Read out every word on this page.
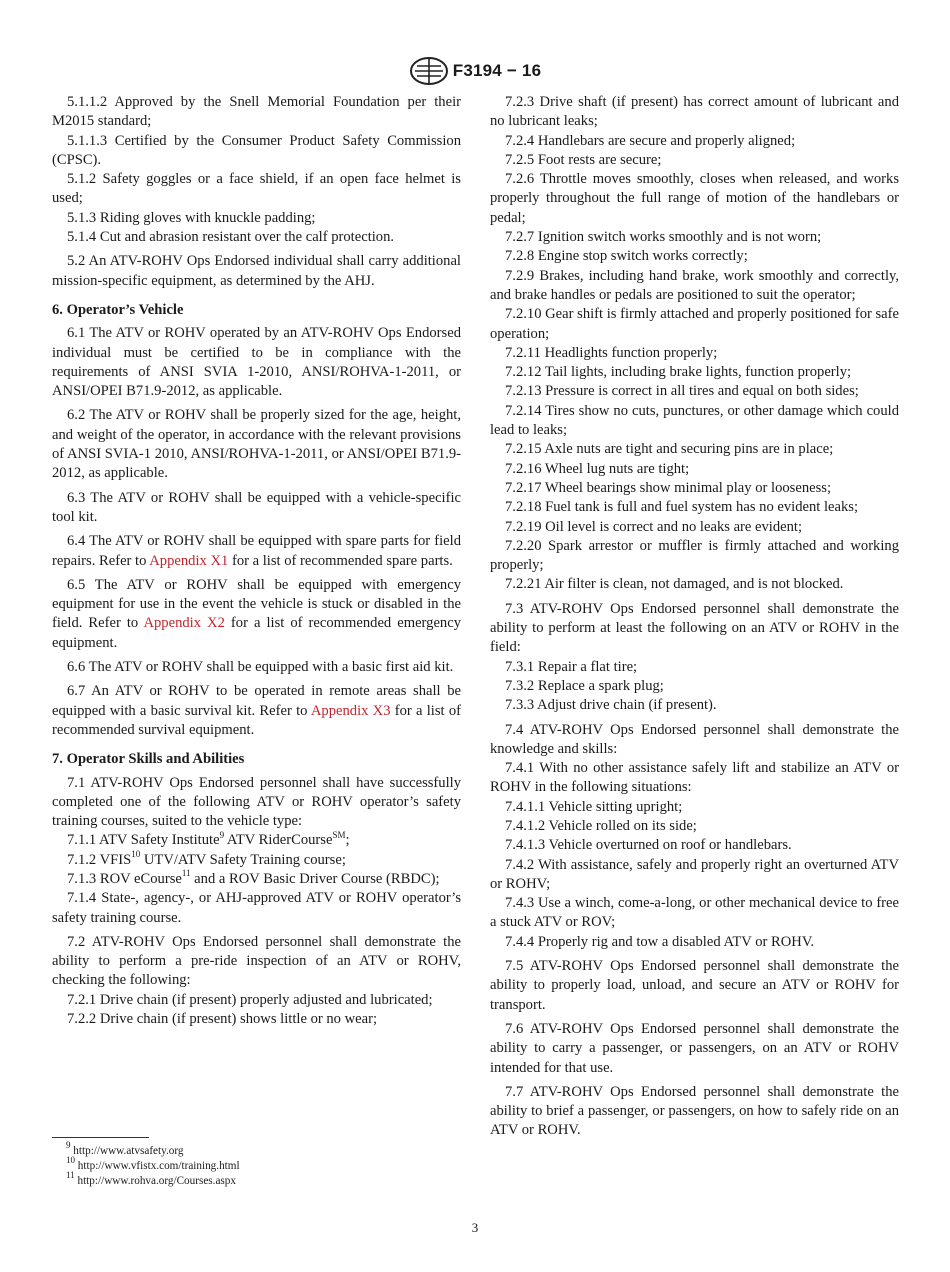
F3194 − 16

5.1.1.2 Approved by the Snell Memorial Foundation per their M2015 standard;

5.1.1.3 Certified by the Consumer Product Safety Commission (CPSC).

5.1.2 Safety goggles or a face shield, if an open face helmet is used;

5.1.3 Riding gloves with knuckle padding;

5.1.4 Cut and abrasion resistant over the calf protection.

5.2 An ATV-ROHV Ops Endorsed individual shall carry additional mission-specific equipment, as determined by the AHJ.

6. Operator’s Vehicle

6.1 The ATV or ROHV operated by an ATV-ROHV Ops Endorsed individual must be certified to be in compliance with the requirements of ANSI SVIA 1-2010, ANSI/ROHVA-1-2011, or ANSI/OPEI B71.9-2012, as applicable.

6.2 The ATV or ROHV shall be properly sized for the age, height, and weight of the operator, in accordance with the relevant provisions of ANSI SVIA-1 2010, ANSI/ROHVA-1-2011, or ANSI/OPEI B71.9-2012, as applicable.

6.3 The ATV or ROHV shall be equipped with a vehicle-specific tool kit.

6.4 The ATV or ROHV shall be equipped with spare parts for field repairs. Refer to Appendix X1 for a list of recommended spare parts.

6.5 The ATV or ROHV shall be equipped with emergency equipment for use in the event the vehicle is stuck or disabled in the field. Refer to Appendix X2 for a list of recommended emergency equipment.

6.6 The ATV or ROHV shall be equipped with a basic first aid kit.

6.7 An ATV or ROHV to be operated in remote areas shall be equipped with a basic survival kit. Refer to Appendix X3 for a list of recommended survival equipment.

7. Operator Skills and Abilities

7.1 ATV-ROHV Ops Endorsed personnel shall have successfully completed one of the following ATV or ROHV operator’s safety training courses, suited to the vehicle type:

7.1.1 ATV Safety Institute$^9$ ATV RiderCourse℠;

7.1.2 VFIS$^{10}$ UTV/ATV Safety Training course;

7.1.3 ROV eCourse$^{11}$ and a ROV Basic Driver Course (RBDC);

7.1.4 State-, agency-, or AHJ-approved ATV or ROHV operator’s safety training course.

7.2 ATV-ROHV Ops Endorsed personnel shall demonstrate the ability to perform a pre-ride inspection of an ATV or ROHV, checking the following:

7.2.1 Drive chain (if present) properly adjusted and lubricated;

7.2.2 Drive chain (if present) shows little or no wear;

7.2.3 Drive shaft (if present) has correct amount of lubricant and no lubricant leaks;

7.2.4 Handlebars are secure and properly aligned;

7.2.5 Foot rests are secure;

7.2.6 Throttle moves smoothly, closes when released, and works properly throughout the full range of motion of the handlebars or pedal;

7.2.7 Ignition switch works smoothly and is not worn;

7.2.8 Engine stop switch works correctly;

7.2.9 Brakes, including hand brake, work smoothly and correctly, and brake handles or pedals are positioned to suit the operator;

7.2.10 Gear shift is firmly attached and properly positioned for safe operation;

7.2.11 Headlights function properly;

7.2.12 Tail lights, including brake lights, function properly;

7.2.13 Pressure is correct in all tires and equal on both sides;

7.2.14 Tires show no cuts, punctures, or other damage which could lead to leaks;

7.2.15 Axle nuts are tight and securing pins are in place;

7.2.16 Wheel lug nuts are tight;

7.2.17 Wheel bearings show minimal play or looseness;

7.2.18 Fuel tank is full and fuel system has no evident leaks;

7.2.19 Oil level is correct and no leaks are evident;

7.2.20 Spark arrestor or muffler is firmly attached and working properly;

7.2.21 Air filter is clean, not damaged, and is not blocked.

7.3 ATV-ROHV Ops Endorsed personnel shall demonstrate the ability to perform at least the following on an ATV or ROHV in the field:

7.3.1 Repair a flat tire;

7.3.2 Replace a spark plug;

7.3.3 Adjust drive chain (if present).

7.4 ATV-ROHV Ops Endorsed personnel shall demonstrate the knowledge and skills:

7.4.1 With no other assistance safely lift and stabilize an ATV or ROHV in the following situations:

7.4.1.1 Vehicle sitting upright;

7.4.1.2 Vehicle rolled on its side;

7.4.1.3 Vehicle overturned on roof or handlebars.

7.4.2 With assistance, safely and properly right an overturned ATV or ROHV;

7.4.3 Use a winch, come-a-long, or other mechanical device to free a stuck ATV or ROV;

7.4.4 Properly rig and tow a disabled ATV or ROHV.

7.5 ATV-ROHV Ops Endorsed personnel shall demonstrate the ability to properly load, unload, and secure an ATV or ROHV for transport.

7.6 ATV-ROHV Ops Endorsed personnel shall demonstrate the ability to carry a passenger, or passengers, on an ATV or ROHV intended for that use.

7.7 ATV-ROHV Ops Endorsed personnel shall demonstrate the ability to brief a passenger, or passengers, on how to safely ride on an ATV or ROHV.

$^9$ http://www.atvsafety.org

$^{10}$ http://www.vfistx.com/training.html

$^{11}$ http://www.rohva.org/Courses.aspx

3
